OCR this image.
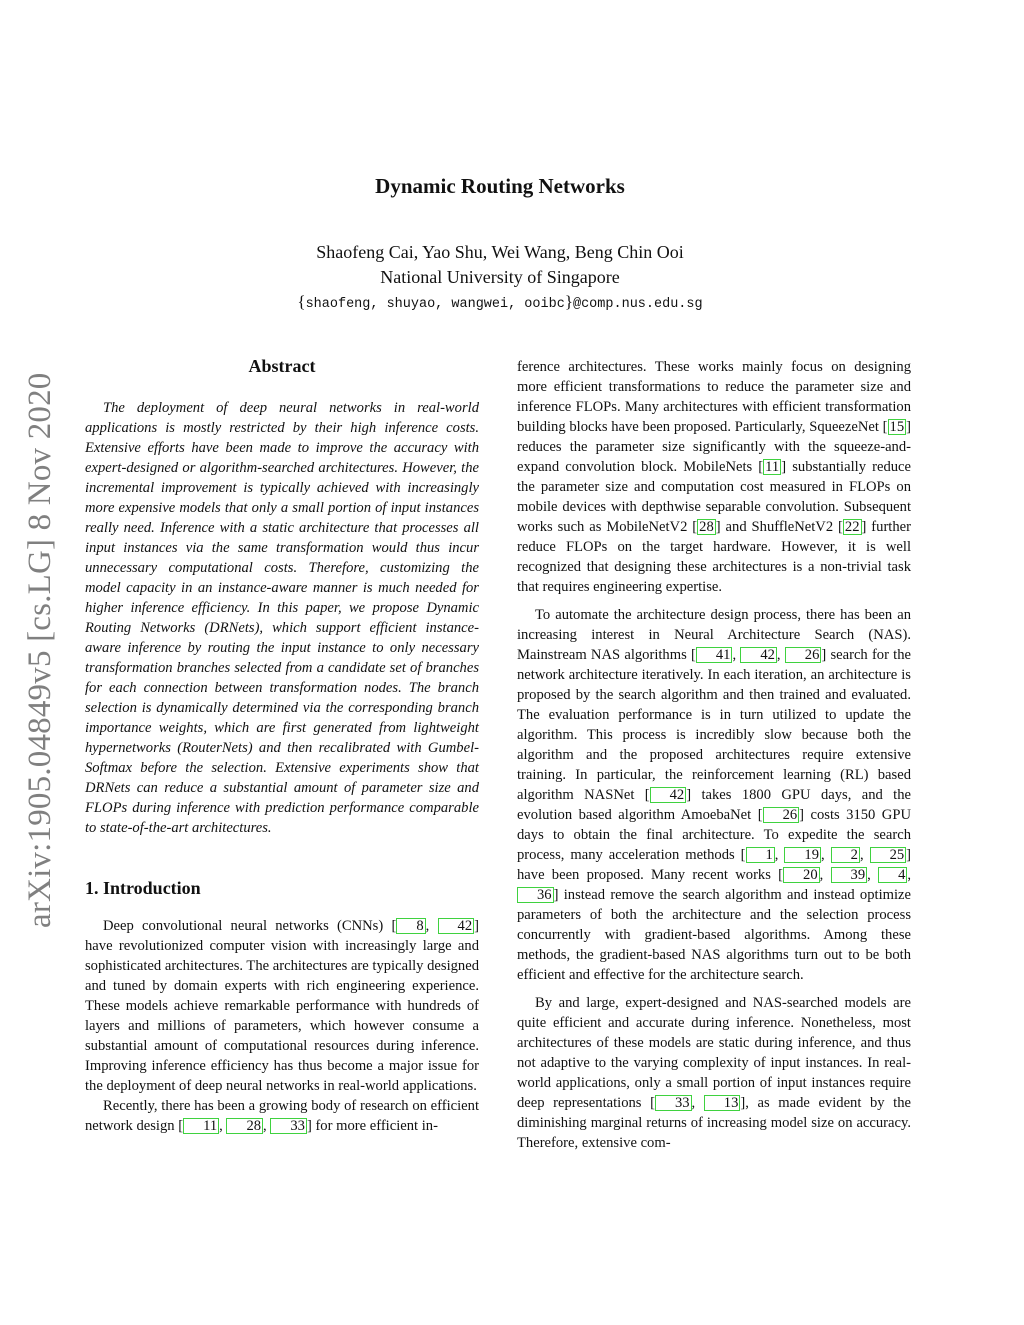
arXiv:1905.04849v5 [cs.LG] 8 Nov 2020
Dynamic Routing Networks
Shaofeng Cai, Yao Shu, Wei Wang, Beng Chin Ooi
National University of Singapore
{shaofeng, shuyao, wangwei, ooibc}@comp.nus.edu.sg
Abstract

The deployment of deep neural networks in real-world applications is mostly restricted by their high inference costs. Extensive efforts have been made to improve the accuracy with expert-designed or algorithm-searched architectures. However, the incremental improvement is typically achieved with increasingly more expensive models that only a small portion of input instances really need. Inference with a static architecture that processes all input instances via the same transformation would thus incur unnecessary computational costs. Therefore, customizing the model capacity in an instance-aware manner is much needed for higher inference efficiency. In this paper, we propose Dynamic Routing Networks (DRNets), which support efficient instance-aware inference by routing the input instance to only necessary transformation branches selected from a candidate set of branches for each connection between transformation nodes. The branch selection is dynamically determined via the corresponding branch importance weights, which are first generated from lightweight hypernetworks (RouterNets) and then recalibrated with Gumbel-Softmax before the selection. Extensive experiments show that DRNets can reduce a substantial amount of parameter size and FLOPs during inference with prediction performance comparable to state-of-the-art architectures.

1. Introduction

Deep convolutional neural networks (CNNs) [ 8 , 42 ] have revolutionized computer vision with increasingly large and sophisticated architectures. The architectures are typically designed and tuned by domain experts with rich engineering experience. These models achieve remarkable performance with hundreds of layers and millions of parameters, which however consume a substantial amount of computational resources during inference. Improving inference efficiency has thus become a major issue for the deployment of deep neural networks in real-world applications.

Recently, there has been a growing body of research on efficient network design [ 11 , 28 , 33 ] for more efficient in-

ference architectures. These works mainly focus on designing more efficient transformations to reduce the parameter size and inference FLOPs. Many architectures with efficient transformation building blocks have been proposed. Particularly, SqueezeNet [ 15 ] reduces the parameter size significantly with the squeeze-and-expand convolution block. MobileNets [ 11 ] substantially reduce the parameter size and computation cost measured in FLOPs on mobile devices with depthwise separable convolution. Subsequent works such as MobileNetV2 [ 28 ] and ShuffleNetV2 [ 22 ] further reduce FLOPs on the target hardware. However, it is well recognized that designing these architectures is a non-trivial task that requires engineering expertise.

To automate the architecture design process, there has been an increasing interest in Neural Architecture Search (NAS). Mainstream NAS algorithms [ 41 , 42 , 26 ] search for the network architecture iteratively. In each iteration, an architecture is proposed by the search algorithm and then trained and evaluated. The evaluation performance is in turn utilized to update the algorithm. This process is incredibly slow because both the algorithm and the proposed architectures require extensive training. In particular, the reinforcement learning (RL) based algorithm NASNet [ 42 ] takes 1800 GPU days, and the evolution based algorithm AmoebaNet [ 26 ] costs 3150 GPU days to obtain the final architecture. To expedite the search process, many acceleration methods [ 1 , 19 , 2 , 25 ] have been proposed. Many recent works [ 20 , 39 , 4 , 36 ] instead remove the search algorithm and instead optimize parameters of both the architecture and the selection process concurrently with gradient-based algorithms. Among these methods, the gradient-based NAS algorithms turn out to be both efficient and effective for the architecture search.

By and large, expert-designed and NAS-searched models are quite efficient and accurate during inference. Nonetheless, most architectures of these models are static during inference, and thus not adaptive to the varying complexity of input instances. In real-world applications, only a small portion of input instances require deep representations [ 33 , 13 ], as made evident by the diminishing marginal returns of increasing model size on accuracy. Therefore, extensive com-
